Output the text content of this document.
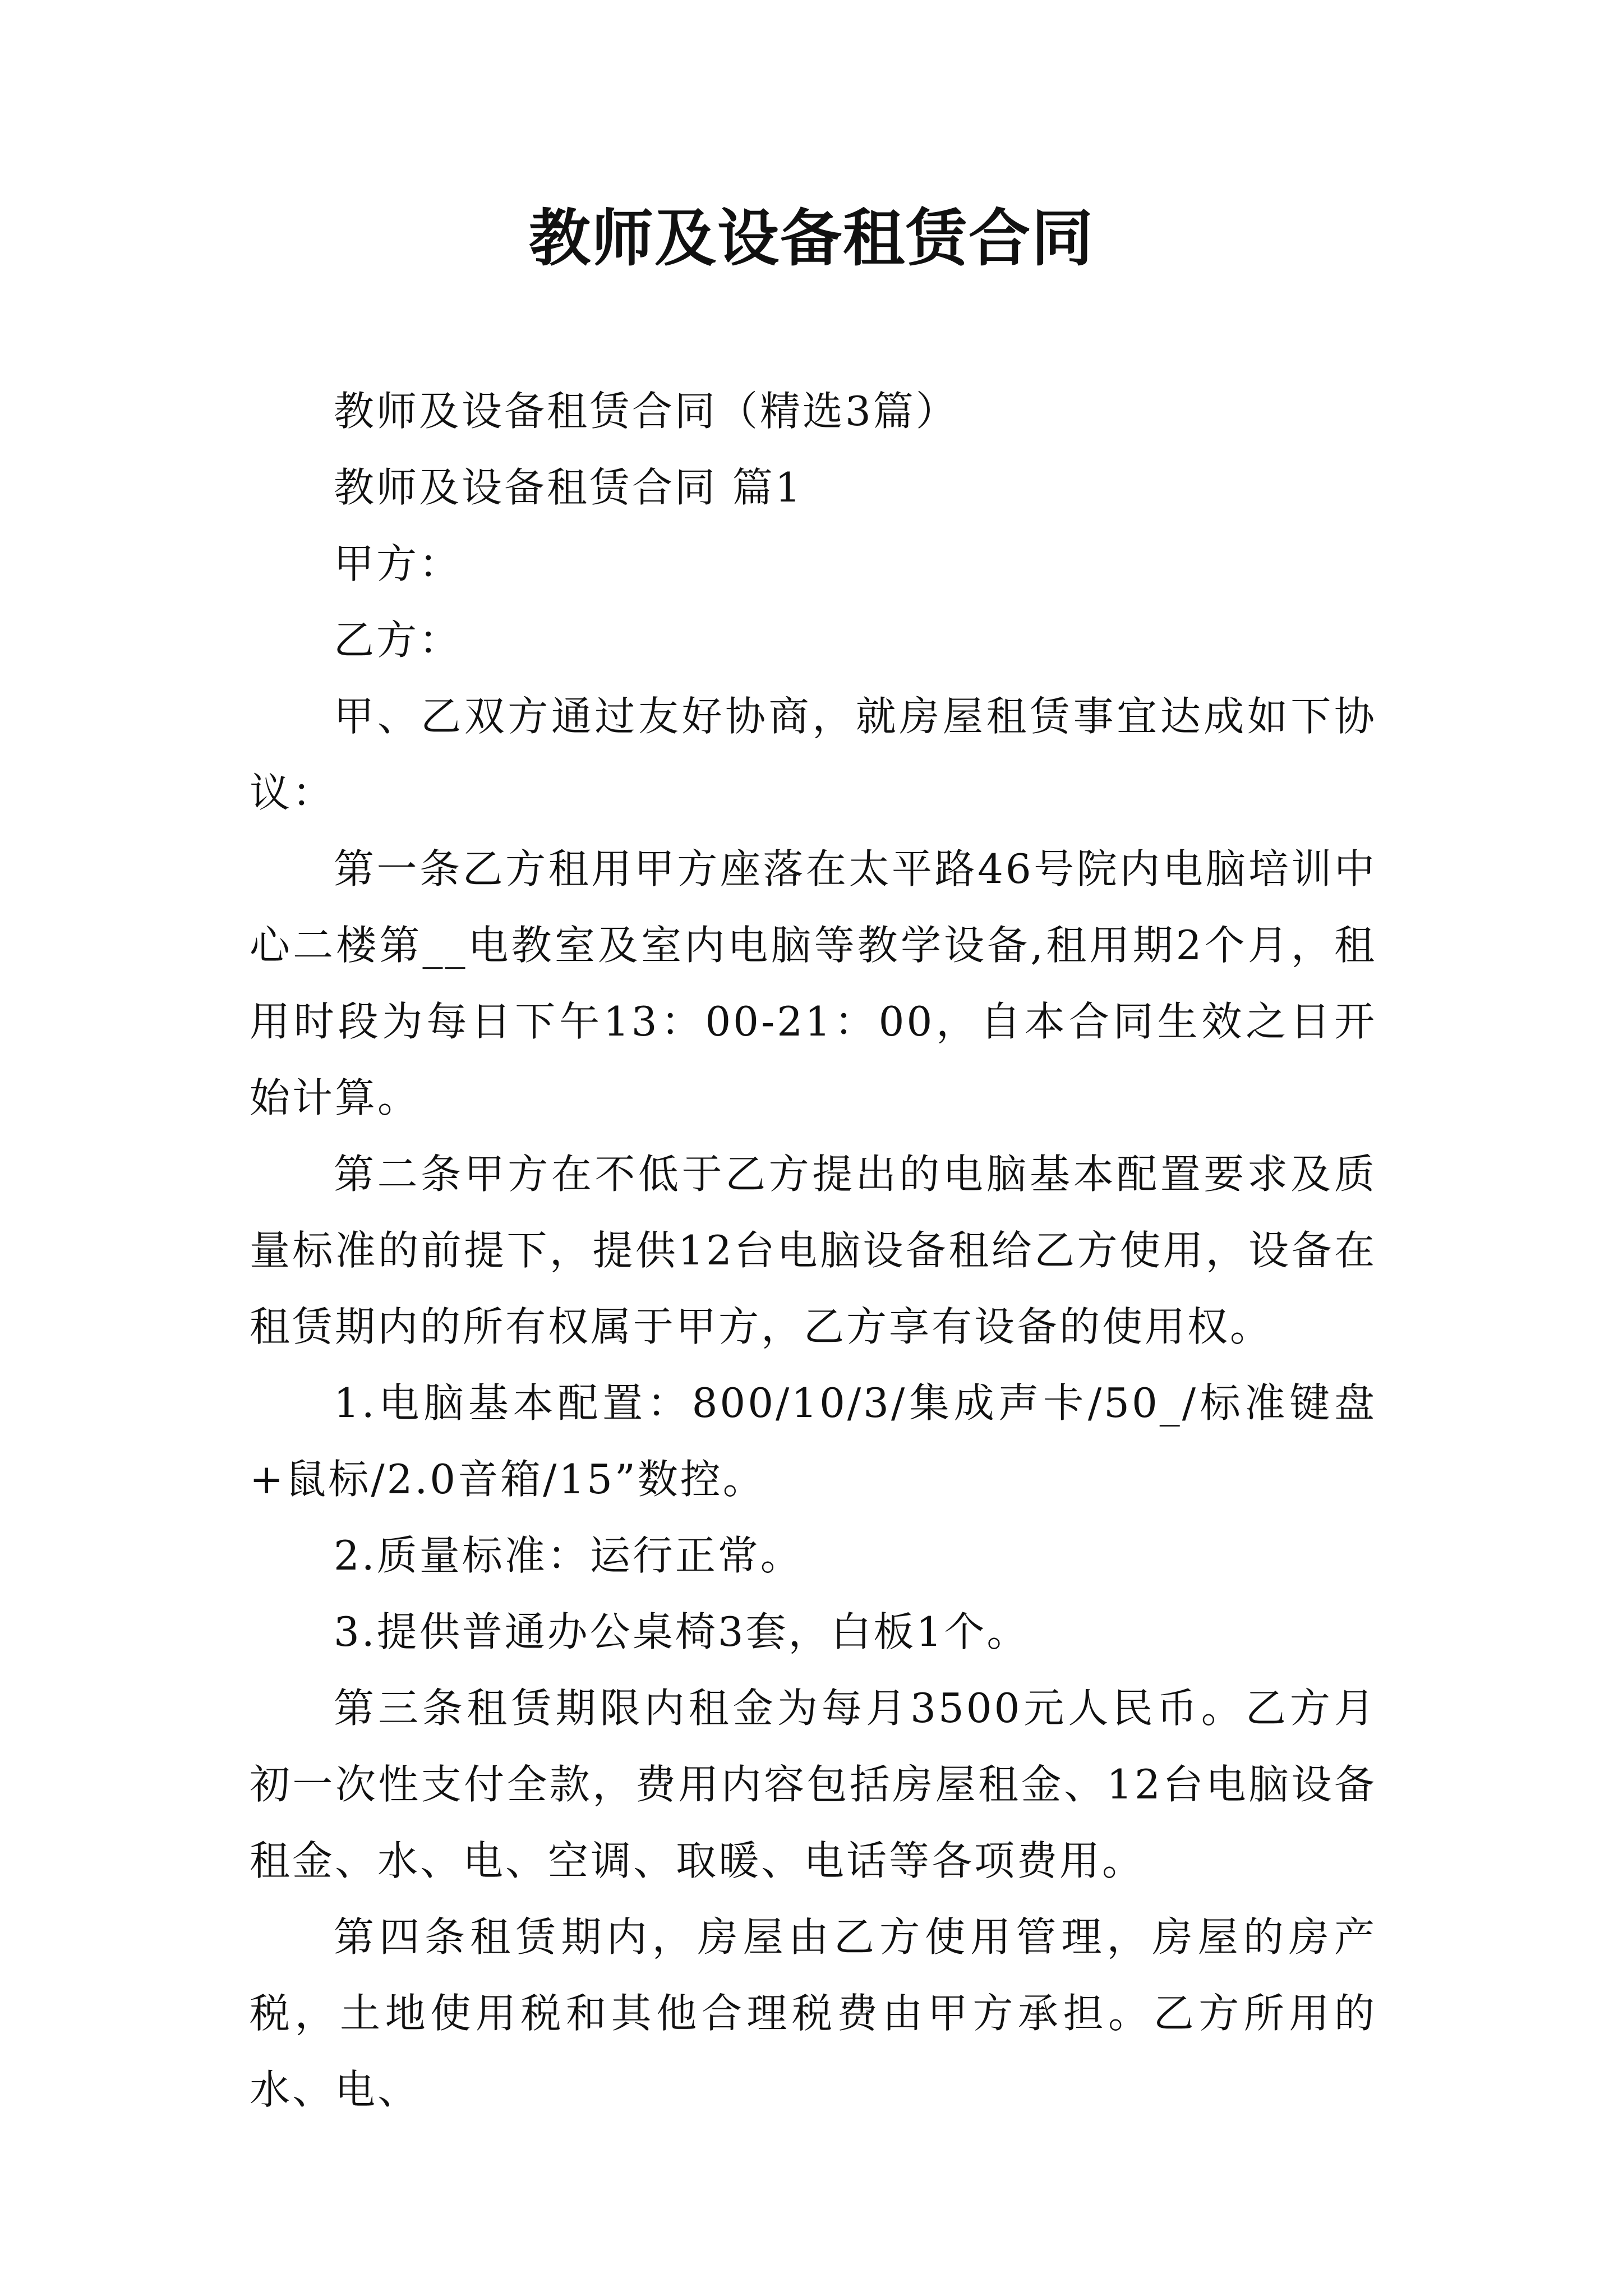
教师及设备租赁合同

教师及设备租赁合同（精选3篇）

教师及设备租赁合同 篇1

甲方：

乙方：

甲、乙双方通过友好协商，就房屋租赁事宜达成如下协议：

第一条乙方租用甲方座落在太平路46号院内电脑培训中心二楼第__电教室及室内电脑等教学设备,租用期2个月，租用时段为每日下午13：00-21：00，自本合同生效之日开始计算。

第二条甲方在不低于乙方提出的电脑基本配置要求及质量标准的前提下，提供12台电脑设备租给乙方使用，设备在租赁期内的所有权属于甲方，乙方享有设备的使用权。

1.电脑基本配置：800/10/3/集成声卡/50_/标准键盘+鼠标/2.0音箱/15”数控。

2.质量标准：运行正常。

3.提供普通办公桌椅3套，白板1个。

第三条租赁期限内租金为每月3500元人民币。乙方月初一次性支付全款，费用内容包括房屋租金、12台电脑设备租金、水、电、空调、取暖、电话等各项费用。

第四条租赁期内，房屋由乙方使用管理，房屋的房产税，土地使用税和其他合理税费由甲方承担。乙方所用的水、电、
